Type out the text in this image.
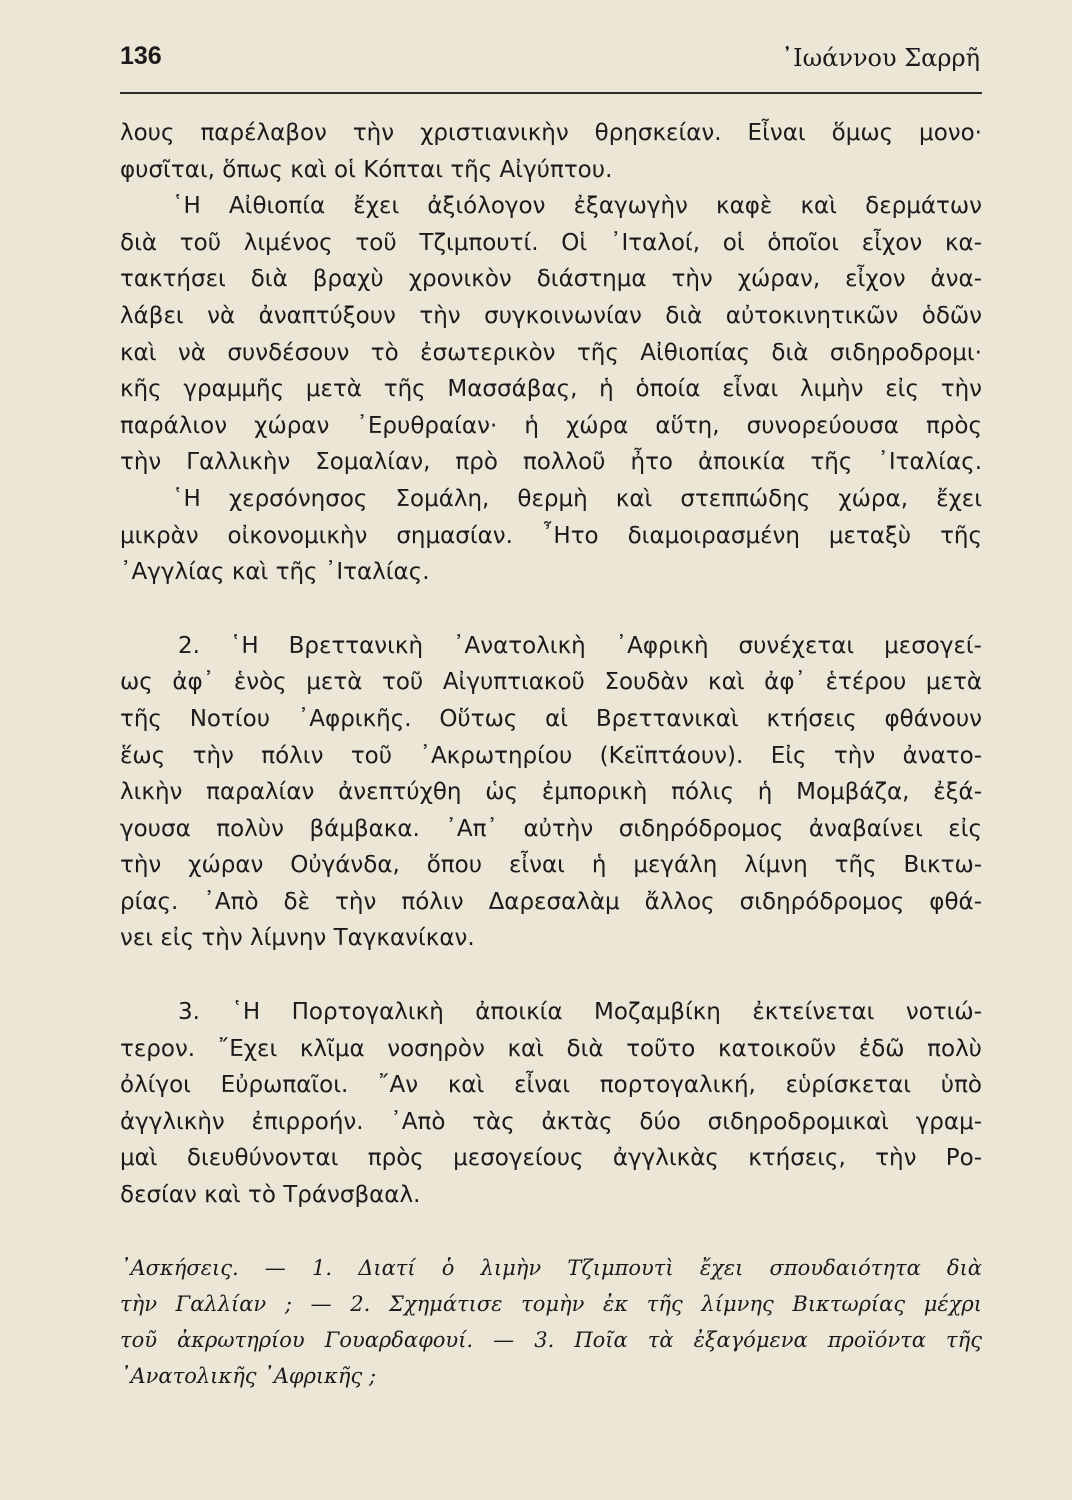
136	᾿Ιωάννου Σαρρῆ
λους παρέλαβον τὴν χριστιανικὴν θρησκείαν. Εἶναι ὅμως μονο·
φυσῖται, ὅπως καὶ οἱ Κόπται τῆς Αἰγύπτου.
῾Η Αἰθιοπία ἔχει ἀξιόλογον ἐξαγωγὴν καφὲ καὶ δερμάτων
διὰ τοῦ λιμένος τοῦ Τζιμπουτί. Οἱ ᾿Ιταλοί, οἱ ὁποῖοι εἶχον κα-
τακτήσει διὰ βραχὺ χρονικὸν διάστημα τὴν χώραν, εἶχον ἀνα-
λάβει νὰ ἀναπτύξουν τὴν συγκοινωνίαν διὰ αὐτοκινητικῶν ὁδῶν
καὶ νὰ συνδέσουν τὸ ἐσωτερικὸν τῆς Αἰθιοπίας διὰ σιδηροδρομι·
κῆς γραμμῆς μετὰ τῆς Μασσάβας, ἡ ὁποία εἶναι λιμὴν εἰς τὴν
παράλιον χώραν ᾿Ερυθραίαν· ἡ χώρα αὕτη, συνορεύουσα πρὸς
τὴν Γαλλικὴν Σομαλίαν, πρὸ πολλοῦ ἦτο ἀποικία τῆς ᾿Ιταλίας.
῾Η χερσόνησος Σομάλη, θερμὴ καὶ στεππώδης χώρα, ἔχει
μικρὰν οἰκονομικὴν σημασίαν. ῏Ητο διαμοιρασμένη μεταξὺ τῆς
᾿Αγγλίας καὶ τῆς ᾿Ιταλίας.
2. ῾Η Βρεττανικὴ ᾿Ανατολικὴ ᾿Αφρικὴ συνέχεται μεσογεί-
ως ἀφ᾿ ἑνὸς μετὰ τοῦ Αἰγυπτιακοῦ Σουδὰν καὶ ἀφ᾿ ἑτέρου μετὰ
τῆς Νοτίου ᾿Αφρικῆς. Οὕτως αἱ Βρεττανικαὶ κτήσεις φθάνουν
ἕως τὴν πόλιν τοῦ ᾿Ακρωτηρίου (Κεϊπτάουν). Εἰς τὴν ἀνατο-
λικὴν παραλίαν ἀνεπτύχθη ὡς ἐμπορικὴ πόλις ἡ Μομβάζα, ἐξά-
γουσα πολὺν βάμβακα. ᾿Απ᾿ αὐτὴν σιδηρόδρομος ἀναβαίνει εἰς
τὴν χώραν Οὐγάνδα, ὅπου εἶναι ἡ μεγάλη λίμνη τῆς Βικτω-
ρίας. ᾿Απὸ δὲ τὴν πόλιν Δαρεσαλὰμ ἄλλος σιδηρόδρομος φθά-
νει εἰς τὴν λίμνην Ταγκανίκαν.
3. ῾Η Πορτογαλικὴ ἀποικία Μοζαμβίκη ἐκτείνεται νοτιώ-
τερον. ῎Εχει κλῖμα νοσηρὸν καὶ διὰ τοῦτο κατοικοῦν ἐδῶ πολὺ
ὀλίγοι Εὐρωπαῖοι. ῎Αν καὶ εἶναι πορτογαλική, εὑρίσκεται ὑπὸ
ἀγγλικὴν ἐπιρροήν. ᾿Απὸ τὰς ἀκτὰς δύο σιδηροδρομικαὶ γραμ-
μαὶ διευθύνονται πρὸς μεσογείους ἀγγλικὰς κτήσεις, τὴν Ρο-
δεσίαν καὶ τὸ Τράνσβααλ.
᾿Ασκήσεις. — 1. Διατί ὁ λιμὴν Τζιμπουτὶ ἔχει σπουδαιότητα διὰ
τὴν Γαλλίαν ; — 2. Σχημάτισε τομὴν ἐκ τῆς λίμνης Βικτωρίας μέχρι
τοῦ ἀκρωτηρίου Γουαρδαφουί. — 3. Ποῖα τὰ ἐξαγόμενα προϊόντα τῆς
᾿Ανατολικῆς ᾿Αφρικῆς ;
